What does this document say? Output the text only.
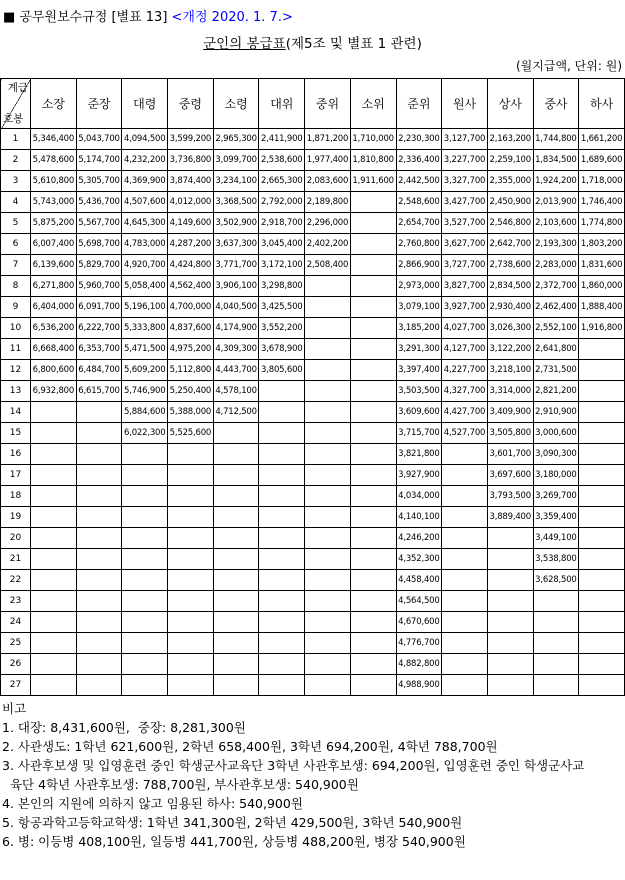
■ 공무원보수규정 [별표 13] <개정 2020. 1. 7.>
군인의 봉급표(제5조 및 별표 1 관련)
(월지급액, 단위: 원)
계급
호봉	소장	준장	대령	중령	소령	대위	중위	소위	준위	원사	상사	중사	하사
1	5,346,400	5,043,700	4,094,500	3,599,200	2,965,300	2,411,900	1,871,200	1,710,000	2,230,300	3,127,700	2,163,200	1,744,800	1,661,200
2	5,478,600	5,174,700	4,232,200	3,736,800	3,099,700	2,538,600	1,977,400	1,810,800	2,336,400	3,227,700	2,259,100	1,834,500	1,689,600
3	5,610,800	5,305,700	4,369,900	3,874,400	3,234,100	2,665,300	2,083,600	1,911,600	2,442,500	3,327,700	2,355,000	1,924,200	1,718,000
4	5,743,000	5,436,700	4,507,600	4,012,000	3,368,500	2,792,000	2,189,800		2,548,600	3,427,700	2,450,900	2,013,900	1,746,400
5	5,875,200	5,567,700	4,645,300	4,149,600	3,502,900	2,918,700	2,296,000		2,654,700	3,527,700	2,546,800	2,103,600	1,774,800
6	6,007,400	5,698,700	4,783,000	4,287,200	3,637,300	3,045,400	2,402,200		2,760,800	3,627,700	2,642,700	2,193,300	1,803,200
7	6,139,600	5,829,700	4,920,700	4,424,800	3,771,700	3,172,100	2,508,400		2,866,900	3,727,700	2,738,600	2,283,000	1,831,600
8	6,271,800	5,960,700	5,058,400	4,562,400	3,906,100	3,298,800			2,973,000	3,827,700	2,834,500	2,372,700	1,860,000
9	6,404,000	6,091,700	5,196,100	4,700,000	4,040,500	3,425,500			3,079,100	3,927,700	2,930,400	2,462,400	1,888,400
10	6,536,200	6,222,700	5,333,800	4,837,600	4,174,900	3,552,200			3,185,200	4,027,700	3,026,300	2,552,100	1,916,800
11	6,668,400	6,353,700	5,471,500	4,975,200	4,309,300	3,678,900			3,291,300	4,127,700	3,122,200	2,641,800	
12	6,800,600	6,484,700	5,609,200	5,112,800	4,443,700	3,805,600			3,397,400	4,227,700	3,218,100	2,731,500	
13	6,932,800	6,615,700	5,746,900	5,250,400	4,578,100				3,503,500	4,327,700	3,314,000	2,821,200	
14			5,884,600	5,388,000	4,712,500				3,609,600	4,427,700	3,409,900	2,910,900	
15			6,022,300	5,525,600					3,715,700	4,527,700	3,505,800	3,000,600	
16									3,821,800		3,601,700	3,090,300	
17									3,927,900		3,697,600	3,180,000	
18									4,034,000		3,793,500	3,269,700	
19									4,140,100		3,889,400	3,359,400	
20									4,246,200			3,449,100	
21									4,352,300			3,538,800	
22									4,458,400			3,628,500	
23									4,564,500				
24									4,670,600				
25									4,776,700				
26									4,882,800				
27									4,988,900				
비고
1. 대장: 8,431,600원,  중장: 8,281,300원
2. 사관생도: 1학년 621,600원, 2학년 658,400원, 3학년 694,200원, 4학년 788,700원
3. 사관후보생 및 입영훈련 중인 학생군사교육단 3학년 사관후보생: 694,200원, 입영훈련 중인 학생군사교
육단 4학년 사관후보생: 788,700원, 부사관후보생: 540,900원
4. 본인의 지원에 의하지 않고 임용된 하사: 540,900원
5. 항공과학고등학교학생: 1학년 341,300원, 2학년 429,500원, 3학년 540,900원
6. 병: 이등병 408,100원, 일등병 441,700원, 상등병 488,200원, 병장 540,900원
